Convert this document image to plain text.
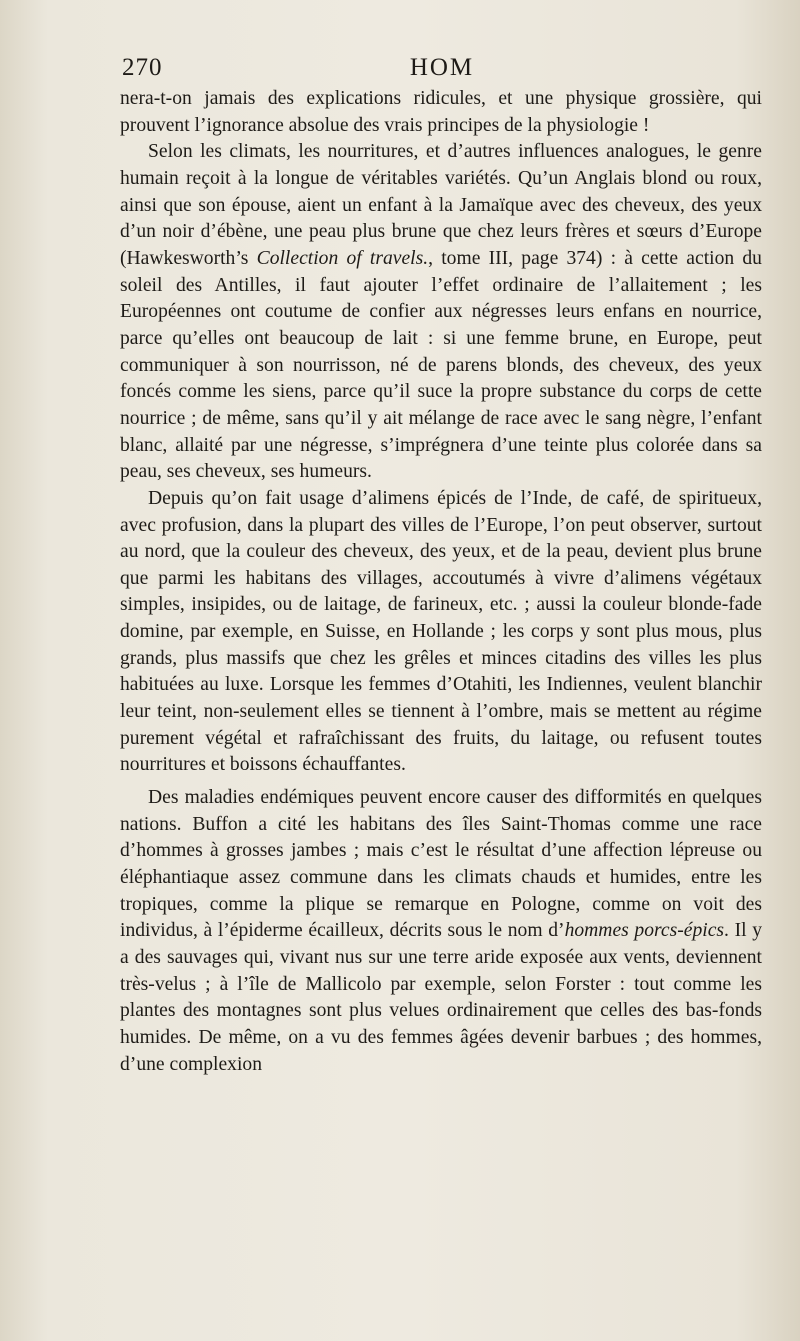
270	HOM

nera-t-on jamais des explications ridicules, et une physique grossière, qui prouvent l’ignorance absolue des vrais principes de la physiologie !

Selon les climats, les nourritures, et d’autres influences analogues, le genre humain reçoit à la longue de véritables variétés. Qu’un Anglais blond ou roux, ainsi que son épouse, aient un enfant à la Jamaïque avec des cheveux, des yeux d’un noir d’ébène, une peau plus brune que chez leurs frères et sœurs d’Europe (Hawkesworth’s Collection of travels., tome III, page 374) : à cette action du soleil des Antilles, il faut ajouter l’effet ordinaire de l’allaitement ; les Européennes ont coutume de confier aux négresses leurs enfans en nourrice, parce qu’elles ont beaucoup de lait : si une femme brune, en Europe, peut communiquer à son nourrisson, né de parens blonds, des cheveux, des yeux foncés comme les siens, parce qu’il suce la propre substance du corps de cette nourrice ; de même, sans qu’il y ait mélange de race avec le sang nègre, l’enfant blanc, allaité par une négresse, s’imprégnera d’une teinte plus colorée dans sa peau, ses cheveux, ses humeurs.

Depuis qu’on fait usage d’alimens épicés de l’Inde, de café, de spiritueux, avec profusion, dans la plupart des villes de l’Europe, l’on peut observer, surtout au nord, que la couleur des cheveux, des yeux, et de la peau, devient plus brune que parmi les habitans des villages, accoutumés à vivre d’alimens végétaux simples, insipides, ou de laitage, de farineux, etc. ; aussi la couleur blonde-fade domine, par exemple, en Suisse, en Hollande ; les corps y sont plus mous, plus grands, plus massifs que chez les grêles et minces citadins des villes les plus habituées au luxe. Lorsque les femmes d’Otahiti, les Indiennes, veulent blanchir leur teint, non-seulement elles se tiennent à l’ombre, mais se mettent au régime purement végétal et rafraîchissant des fruits, du laitage, ou refusent toutes nourritures et boissons échauffantes.

Des maladies endémiques peuvent encore causer des difformités en quelques nations. Buffon a cité les habitans des îles Saint-Thomas comme une race d’hommes à grosses jambes ; mais c’est le résultat d’une affection lépreuse ou éléphantiaque assez commune dans les climats chauds et humides, entre les tropiques, comme la plique se remarque en Pologne, comme on voit des individus, à l’épiderme écailleux, décrits sous le nom d’hommes porcs-épics. Il y a des sauvages qui, vivant nus sur une terre aride exposée aux vents, deviennent très-velus ; à l’île de Mallicolo par exemple, selon Forster : tout comme les plantes des montagnes sont plus velues ordinairement que celles des bas-fonds humides. De même, on a vu des femmes âgées devenir barbues ; des hommes, d’une complexion
